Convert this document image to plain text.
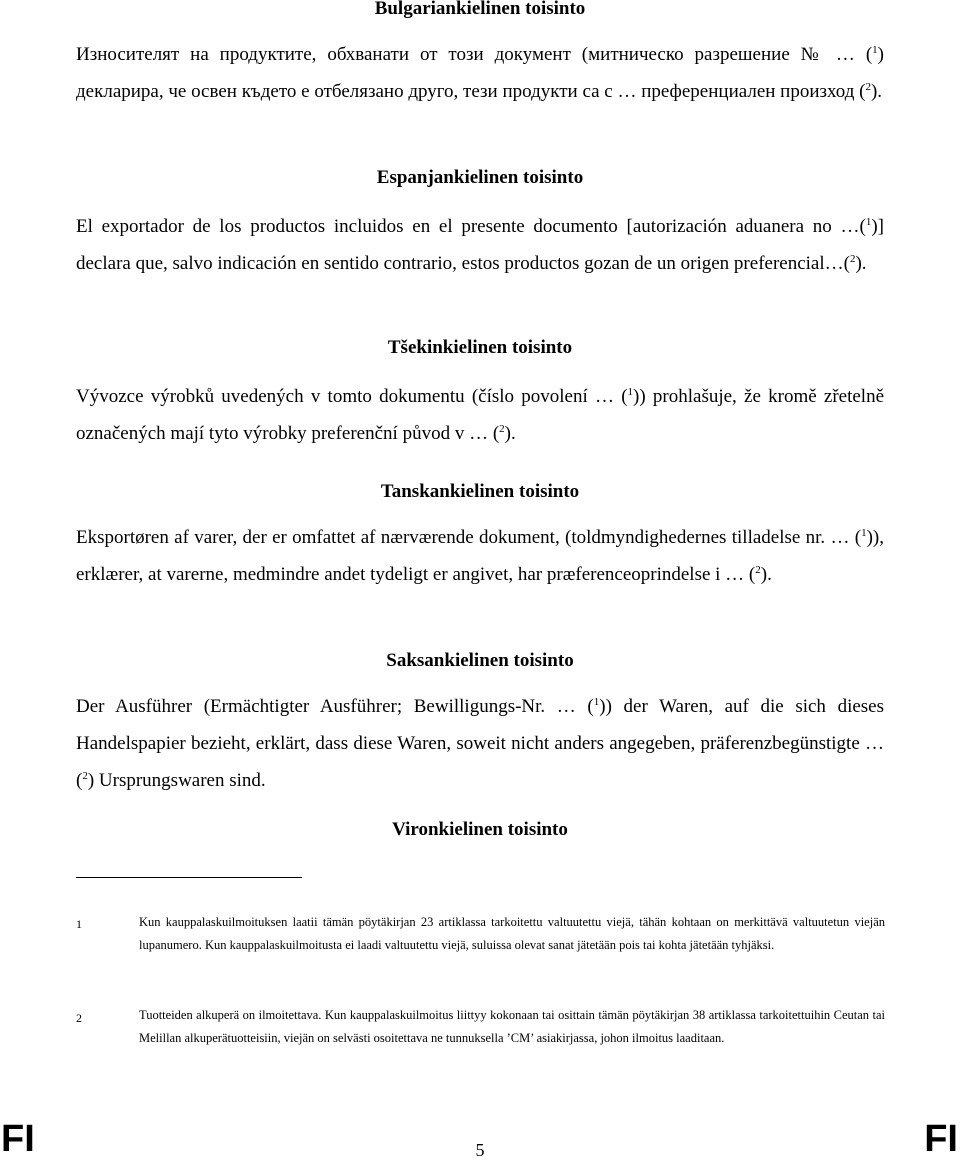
Bulgariankielinen toisinto
Износителят на продуктите, обхванати от този документ (митническо разрешение № … ($^1$) декларира, че освен където е отбелязано друго, тези продукти са с … преференциален произход ($^2$).
Espanjankielinen toisinto
El exportador de los productos incluidos en el presente documento [autorización aduanera no …($^1$)] declara que, salvo indicación en sentido contrario, estos productos gozan de un origen preferencial…($^2$).
Tšekinkielinen toisinto
Vývozce výrobků uvedených v tomto dokumentu (číslo povolení … ($^1$)) prohlašuje, že kromě zřetelně označených mají tyto výrobky preferenční původ v … ($^2$).
Tanskankielinen toisinto
Eksportøren af varer, der er omfattet af nærværende dokument, (toldmyndighedernes tilladelse nr. … ($^1$)), erklærer, at varerne, medmindre andet tydeligt er angivet, har præferenceoprindelse i … ($^2$).
Saksankielinen toisinto
Der Ausführer (Ermächtigter Ausführer; Bewilligungs-Nr. … ($^1$)) der Waren, auf die sich dieses Handelspapier bezieht, erklärt, dass diese Waren, soweit nicht anders angegeben, präferenzbegünstigte … ($^2$) Ursprungswaren sind.
Vironkielinen toisinto
1	Kun kauppalaskuilmoituksen laatii tämän pöytäkirjan 23 artiklassa tarkoitettu valtuutettu viejä, tähän kohtaan on merkittävä valtuutetun viejän lupanumero. Kun kauppalaskuilmoitusta ei laadi valtuutettu viejä, suluissa olevat sanat jätetään pois tai kohta jätetään tyhjäksi.
2	Tuotteiden alkuperä on ilmoitettava. Kun kauppalaskuilmoitus liittyy kokonaan tai osittain tämän pöytäkirjan 38 artiklassa tarkoitettuihin Ceutan tai Melillan alkuperätuotteisiin, viejän on selvästi osoitettava ne tunnuksella ’CM’ asiakirjassa, johon ilmoitus laaditaan.
FI	5	FI
